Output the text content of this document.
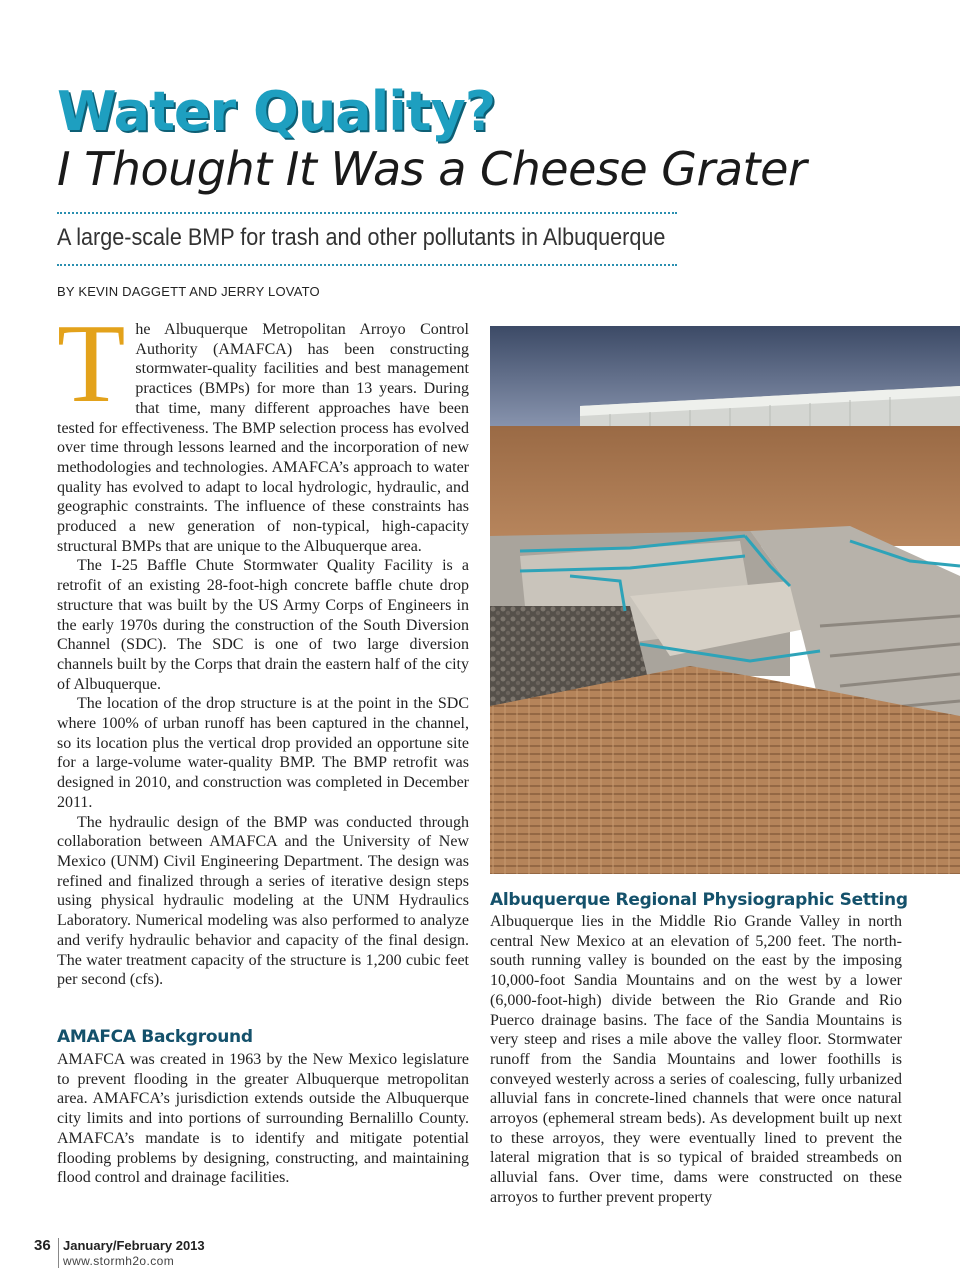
Water Quality?
I Thought It Was a Cheese Grater

A large-scale BMP for trash and other pollutants in Albuquerque

BY KEVIN DAGGETT AND JERRY LOVATO

The Albuquerque Metropolitan Arroyo Control Authority (AMAFCA) has been constructing stormwater-quality facilities and best management practices (BMPs) for more than 13 years. During that time, many different approaches have been tested for effectiveness. The BMP selection process has evolved over time through lessons learned and the incorporation of new methodologies and technologies. AMAFCA’s approach to water quality has evolved to adapt to local hydrologic, hydraulic, and geographic constraints. The influence of these constraints has produced a new generation of non-typical, high-capacity structural BMPs that are unique to the Albuquerque area.

The I-25 Baffle Chute Stormwater Quality Facility is a retrofit of an existing 28-foot-high concrete baffle chute drop structure that was built by the US Army Corps of Engineers in the early 1970s during the construction of the South Diversion Channel (SDC). The SDC is one of two large diversion channels built by the Corps that drain the eastern half of the city of Albuquerque.

The location of the drop structure is at the point in the SDC where 100% of urban runoff has been captured in the channel, so its location plus the vertical drop provided an opportune site for a large-volume water-quality BMP. The BMP retrofit was designed in 2010, and construction was completed in December 2011.

The hydraulic design of the BMP was conducted through collaboration between AMAFCA and the University of New Mexico (UNM) Civil Engineering Department. The design was refined and finalized through a series of iterative design steps using physical hydraulic modeling at the UNM Hydraulics Laboratory. Numerical modeling was also performed to analyze and verify hydraulic behavior and capacity of the final design. The water treatment capacity of the structure is 1,200 cubic feet per second (cfs).

AMAFCA Background

AMAFCA was created in 1963 by the New Mexico legislature to prevent flooding in the greater Albuquerque metropolitan area. AMAFCA’s jurisdiction extends outside the Albuquerque city limits and into portions of surrounding Bernalillo County. AMAFCA’s mandate is to identify and mitigate potential flooding problems by designing, constructing, and maintaining flood control and drainage facilities.

Albuquerque Regional Physiographic Setting

Albuquerque lies in the Middle Rio Grande Valley in north central New Mexico at an elevation of 5,200 feet. The north-south running valley is bounded on the east by the imposing 10,000-foot Sandia Mountains and on the west by a lower (6,000-foot-high) divide between the Rio Grande and Rio Puerco drainage basins. The face of the Sandia Mountains is very steep and rises a mile above the valley floor. Stormwater runoff from the Sandia Mountains and lower foothills is conveyed westerly across a series of coalescing, fully urbanized alluvial fans in concrete-lined channels that were once natural arroyos (ephemeral stream beds). As development built up next to these arroyos, they were eventually lined to prevent the lateral migration that is so typical of braided streambeds on alluvial fans. Over time, dams were constructed on these arroyos to further prevent property

36 January/February 2013
www.stormh2o.com
